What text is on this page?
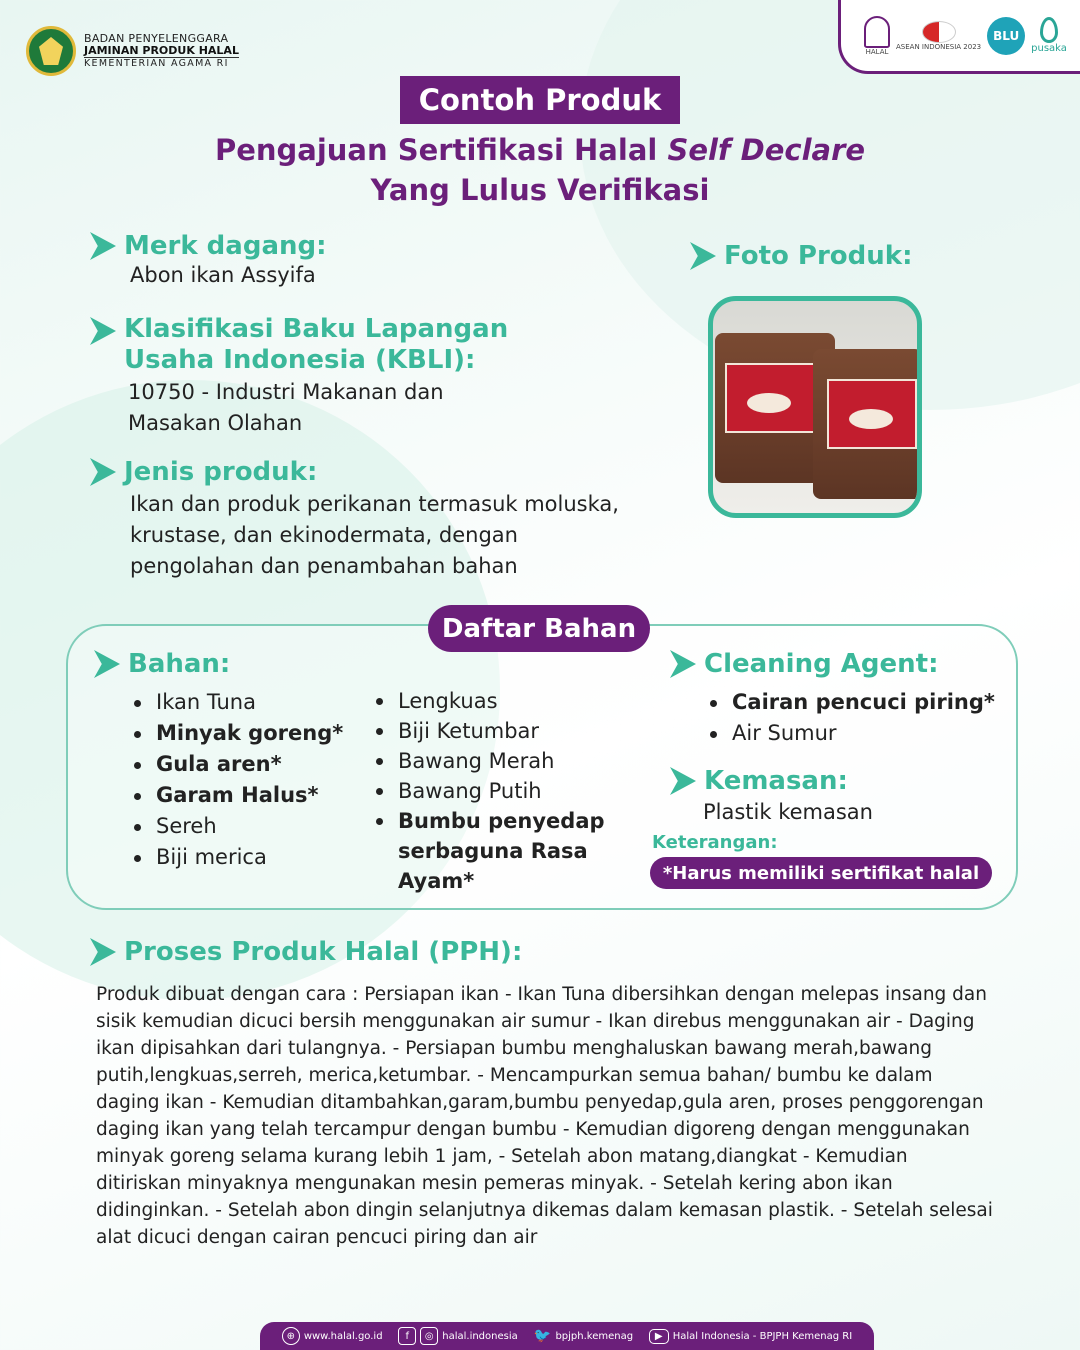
BADAN PENYELENGGARA
JAMINAN PRODUK HALAL
KEMENTERIAN AGAMA RI
HALAL
ASEAN INDONESIA 2023
BLU
pusaka
Contoh Produk
Pengajuan Sertifikasi Halal Self Declare
Yang Lulus Verifikasi
Merk dagang:
Abon ikan Assyifa
Klasifikasi Baku Lapangan
Usaha Indonesia (KBLI):
10750 - Industri Makanan dan
Masakan Olahan
Jenis produk:
Ikan dan produk perikanan termasuk moluska,
krustase, dan ekinodermata, dengan
pengolahan dan penambahan bahan
Foto Produk:
Daftar Bahan
Bahan:
Ikan Tuna
Minyak goreng*
Gula aren*
Garam Halus*
Sereh
Biji merica
Lengkuas
Biji Ketumbar
Bawang Merah
Bawang Putih
Bumbu penyedap
serbaguna Rasa
Ayam*
Cleaning Agent:
Cairan pencuci piring*
Air Sumur
Kemasan:
Plastik kemasan
Keterangan:
*Harus memiliki sertifikat halal
Proses Produk Halal (PPH):
Produk dibuat dengan cara : Persiapan ikan - Ikan Tuna dibersihkan dengan melepas insang dan sisik kemudian dicuci bersih menggunakan air sumur - Ikan direbus menggunakan air - Daging ikan dipisahkan dari tulangnya. - Persiapan bumbu menghaluskan bawang merah,bawang putih,lengkuas,serreh, merica,ketumbar. - Mencampurkan semua bahan/ bumbu ke dalam daging ikan - Kemudian ditambahkan,garam,bumbu penyedap,gula aren, proses penggorengan daging ikan yang telah tercampur dengan bumbu - Kemudian digoreng dengan menggunakan minyak goreng selama kurang lebih 1 jam, - Setelah abon matang,diangkat - Kemudian ditiriskan minyaknya mengunakan mesin pemeras minyak. - Setelah kering abon ikan didinginkan. - Setelah abon dingin selanjutnya dikemas dalam kemasan plastik. - Setelah selesai alat dicuci dengan cairan pencuci piring dan air
⊕ www.halal.go.id	f	◎ halal.indonesia 🐦 bpjph.kemenag	▶	Halal Indonesia - BPJPH Kemenag RI
